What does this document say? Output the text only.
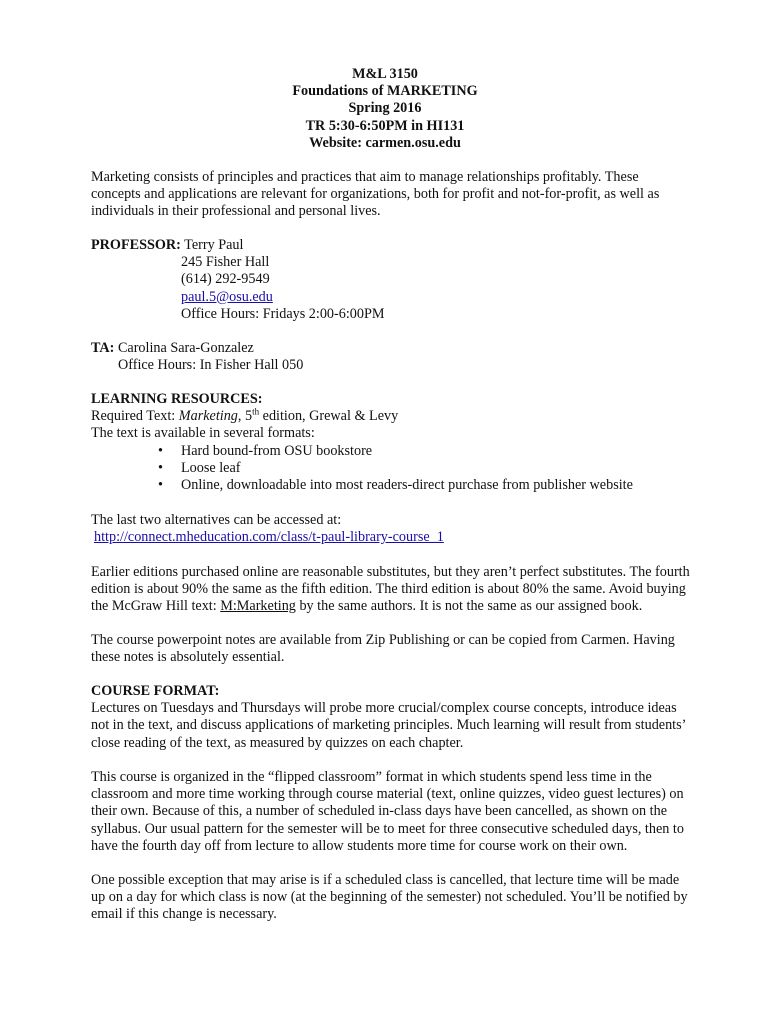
M&L 3150
Foundations of MARKETING
Spring 2016
TR 5:30-6:50PM in HI131
Website: carmen.osu.edu

Marketing consists of principles and practices that aim to manage relationships profitably. These concepts and applications are relevant for organizations, both for profit and not-for-profit, as well as individuals in their professional and personal lives.

PROFESSOR: Terry Paul
245 Fisher Hall
(614) 292-9549
paul.5@osu.edu
Office Hours: Fridays 2:00-6:00PM
TA: Carolina Sara-Gonzalez
Office Hours: In Fisher Hall 050
LEARNING RESOURCES:
Required Text: Marketing, 5th edition, Grewal & Levy
The text is available in several formats:
• Hard bound-from OSU bookstore
• Loose leaf
• Online, downloadable into most readers-direct purchase from publisher website
The last two alternatives can be accessed at:
http://connect.mheducation.com/class/t-paul-library-course_1

Earlier editions purchased online are reasonable substitutes, but they aren’t perfect substitutes. The fourth edition is about 90% the same as the fifth edition. The third edition is about 80% the same. Avoid buying the McGraw Hill text: M:Marketing by the same authors. It is not the same as our assigned book.

The course powerpoint notes are available from Zip Publishing or can be copied from Carmen. Having these notes is absolutely essential.

COURSE FORMAT:

Lectures on Tuesdays and Thursdays will probe more crucial/complex course concepts, introduce ideas not in the text, and discuss applications of marketing principles. Much learning will result from students’ close reading of the text, as measured by quizzes on each chapter.

This course is organized in the “flipped classroom” format in which students spend less time in the classroom and more time working through course material (text, online quizzes, video guest lectures) on their own. Because of this, a number of scheduled in-class days have been cancelled, as shown on the syllabus. Our usual pattern for the semester will be to meet for three consecutive scheduled days, then to have the fourth day off from lecture to allow students more time for course work on their own.

One possible exception that may arise is if a scheduled class is cancelled, that lecture time will be made up on a day for which class is now (at the beginning of the semester) not scheduled. You’ll be notified by email if this change is necessary.
